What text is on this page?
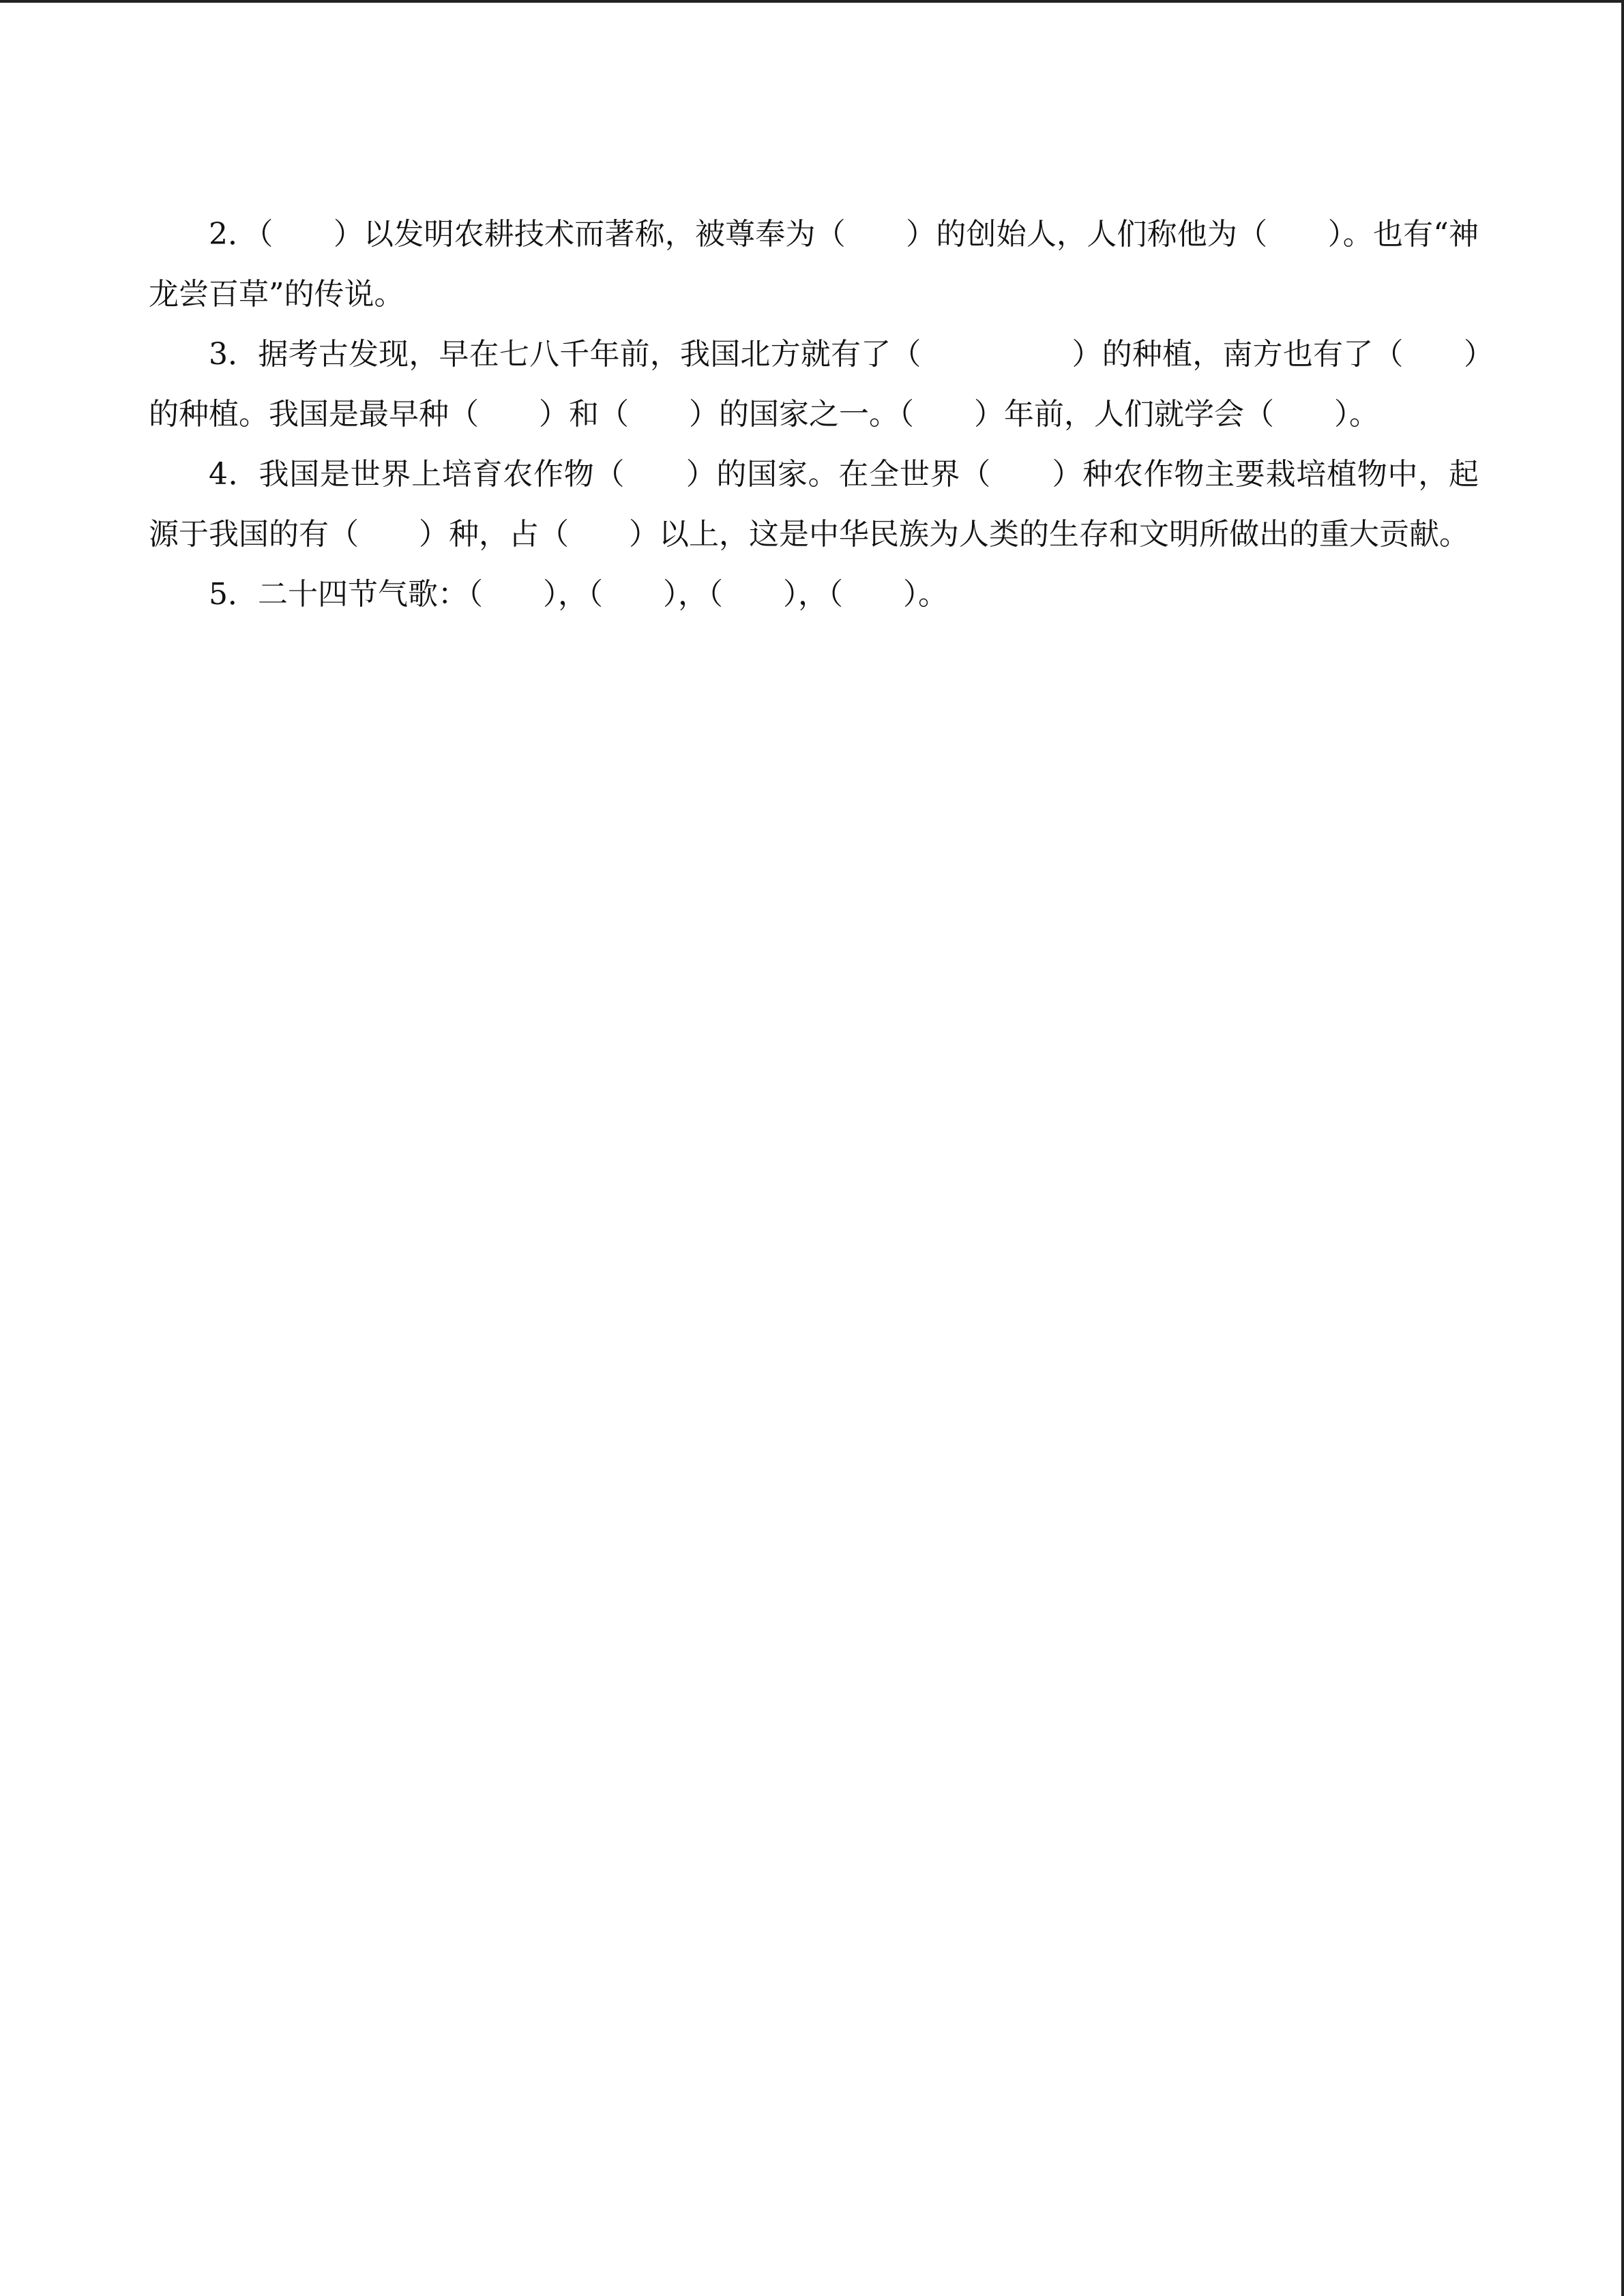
2．（　　）以发明农耕技术而著称，被尊奉为（　　）的创始人，人们称他为（　　）。也有“神龙尝百草”的传说。

3．据考古发现，早在七八千年前，我国北方就有了（　　　　　）的种植，南方也有了（　　）的种植。我国是最早种（　　）和（　　）的国家之一。（　　）年前，人们就学会（　　）。

4．我国是世界上培育农作物（　　）的国家。在全世界（　　）种农作物主要栽培植物中，起源于我国的有（　　）种，占（　　）以上，这是中华民族为人类的生存和文明所做出的重大贡献。

5．二十四节气歌：（　　），（　　），（　　），（　　）。
